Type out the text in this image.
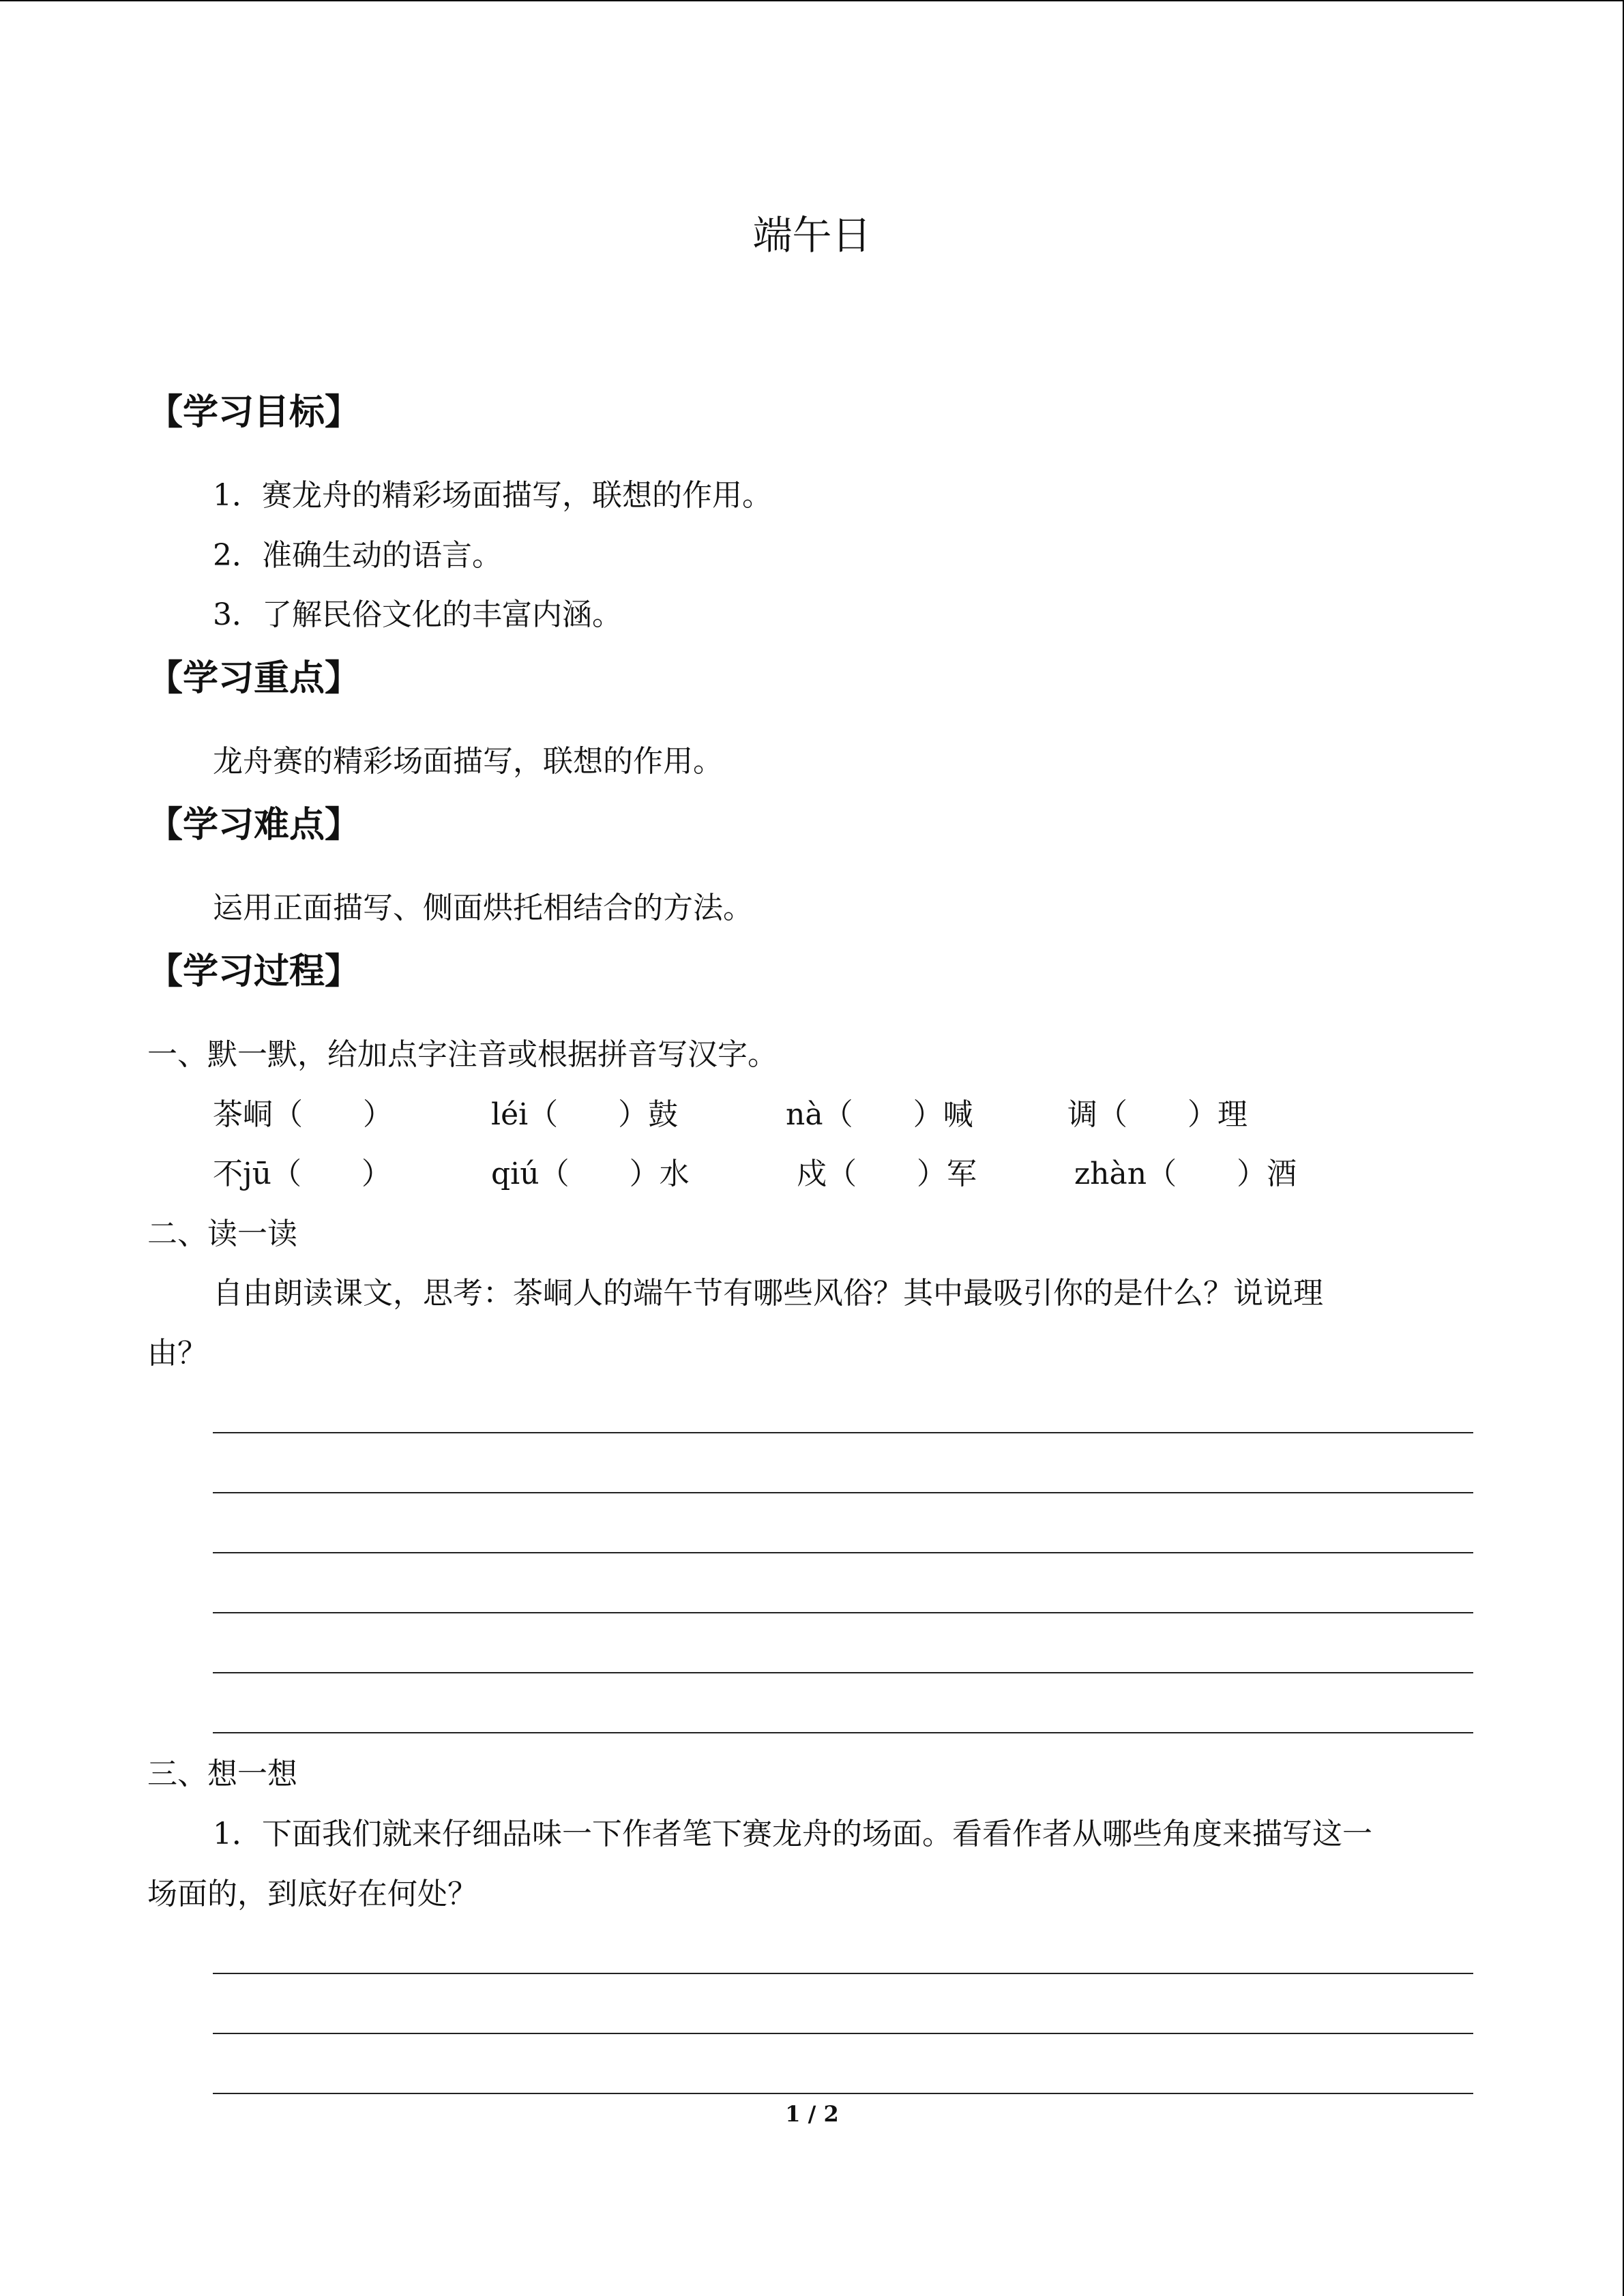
端午日
【学习目标】
1．赛龙舟的精彩场面描写，联想的作用。
2．准确生动的语言。
3．了解民俗文化的丰富内涵。
【学习重点】
龙舟赛的精彩场面描写，联想的作用。
【学习难点】
运用正面描写、侧面烘托相结合的方法。
【学习过程】
一、默一默，给加点字注音或根据拼音写汉字。
茶峒（　　）	léi（　　）鼓	nà（　　）喊	调（　　）理
不jū（　　）	qiú（　　）水	戍（　　）军	zhàn（　　）酒
二、读一读
自由朗读课文，思考：茶峒人的端午节有哪些风俗？其中最吸引你的是什么？说说理
由？
三、想一想
1．下面我们就来仔细品味一下作者笔下赛龙舟的场面。看看作者从哪些角度来描写这一
场面的，到底好在何处？
1 / 2
